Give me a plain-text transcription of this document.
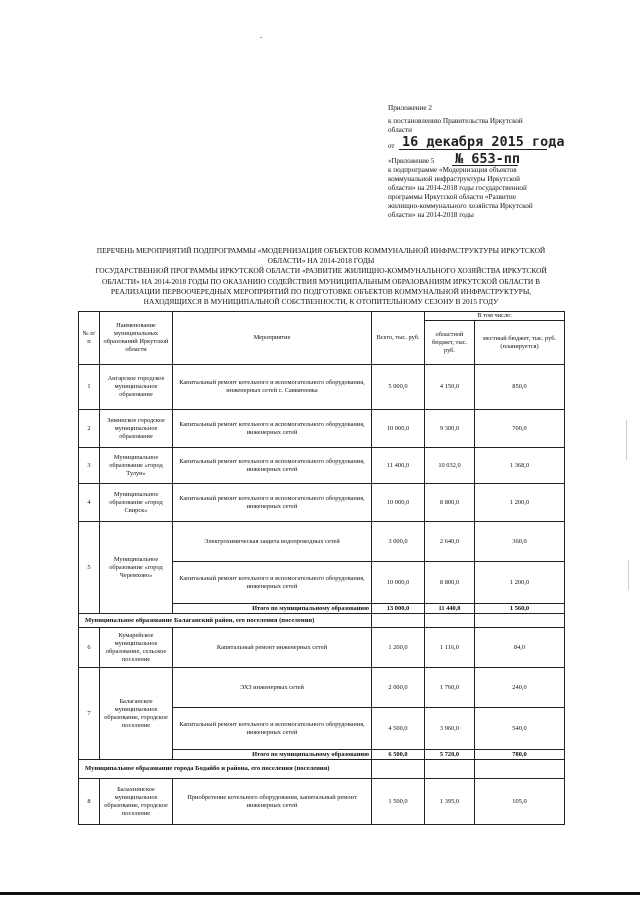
Приложение 2
к постановлению Правительства Иркутской
области
от 16 декабря 2015 года
«Приложение 5 № 653-пп
к подпрограмме «Модернизация объектов
коммунальной инфраструктуры Иркутской
области» на 2014-2018 годы государственной
программы Иркутской области «Развитие
жилищно-коммунального хозяйства Иркутской
области» на 2014-2018 годы
ПЕРЕЧЕНЬ МЕРОПРИЯТИЙ ПОДПРОГРАММЫ «МОДЕРНИЗАЦИЯ ОБЪЕКТОВ КОММУНАЛЬНОЙ ИНФРАСТРУКТУРЫ ИРКУТСКОЙ
ОБЛАСТИ» НА 2014-2018 ГОДЫ
ГОСУДАРСТВЕННОЙ ПРОГРАММЫ ИРКУТСКОЙ ОБЛАСТИ «РАЗВИТИЕ ЖИЛИЩНО-КОММУНАЛЬНОГО ХОЗЯЙСТВА ИРКУТСКОЙ
ОБЛАСТИ» НА 2014-2018 ГОДЫ ПО ОКАЗАНИЮ СОДЕЙСТВИЯ МУНИЦИПАЛЬНЫМ ОБРАЗОВАНИЯМ ИРКУТСКОЙ ОБЛАСТИ В
РЕАЛИЗАЦИИ ПЕРВООЧЕРЕДНЫХ МЕРОПРИЯТИЙ ПО ПОДГОТОВКЕ ОБЪЕКТОВ КОММУНАЛЬНОЙ ИНФРАСТРУКТУРЫ,
НАХОДЯЩИХСЯ В МУНИЦИПАЛЬНОЙ СОБСТВЕННОСТИ, К ОТОПИТЕЛЬНОМУ СЕЗОНУ В 2015 ГОДУ
№ п/п	Наименование муниципальных образований Иркутской области	Мероприятие	Всего, тыс. руб.	В том числе:	
				областной бюджет, тыс. руб.	местный бюджет, тыс. руб. (планируется)
1	Ангарское городское муниципальное образование	Капитальный ремонт котельного и вспомогательного оборудования, инженерных сетей с. Савватеевка	5 000,0	4 150,0	850,0
2	Зиминское городское муниципальное образование	Капитальный ремонт котельного и вспомогательного оборудования, инженерных сетей	10 000,0	9 300,0	700,0
3	Муниципальное образование «город Тулун»	Капитальный ремонт котельного и вспомогательного оборудования, инженерных сетей	11 400,0	10 032,0	1 368,0
4	Муниципальное образование «город Свирск»	Капитальный ремонт котельного и вспомогательного оборудования, инженерных сетей	10 000,0	8 800,0	1 200,0
5	Муниципальное образование «город Черемхово»	Электрохимическая защита водопроводных сетей	3 000,0	2 640,0	360,0
		Капитальный ремонт котельного и вспомогательного оборудования, инженерных сетей	10 000,0	8 800,0	1 200,0
		Итого по муниципальному образованию	13 000,0	11 440,0	1 560,0
Муниципальное образование Балаганский район, его поселения (поселения)					
6	Кумарейское муниципальное образование, сельское поселение	Капитальный ремонт инженерных сетей	1 200,0	1 116,0	84,0
7	Балаганское муниципальное образование, городское поселение	ЭХЗ инженерных сетей	2 000,0	1 760,0	240,0
		Капитальный ремонт котельного и вспомогательного оборудования, инженерных сетей	4 500,0	3 960,0	540,0
		Итого по муниципальному образованию	6 500,0	5 720,0	780,0
Муниципальное образование города Бодайбо и района, его поселения (поселения)					
8	Балахнинское муниципальное образование, городское поселение	Приобретение котельного оборудования, капитальный ремонт инженерных сетей	1 500,0	1 395,0	105,0
